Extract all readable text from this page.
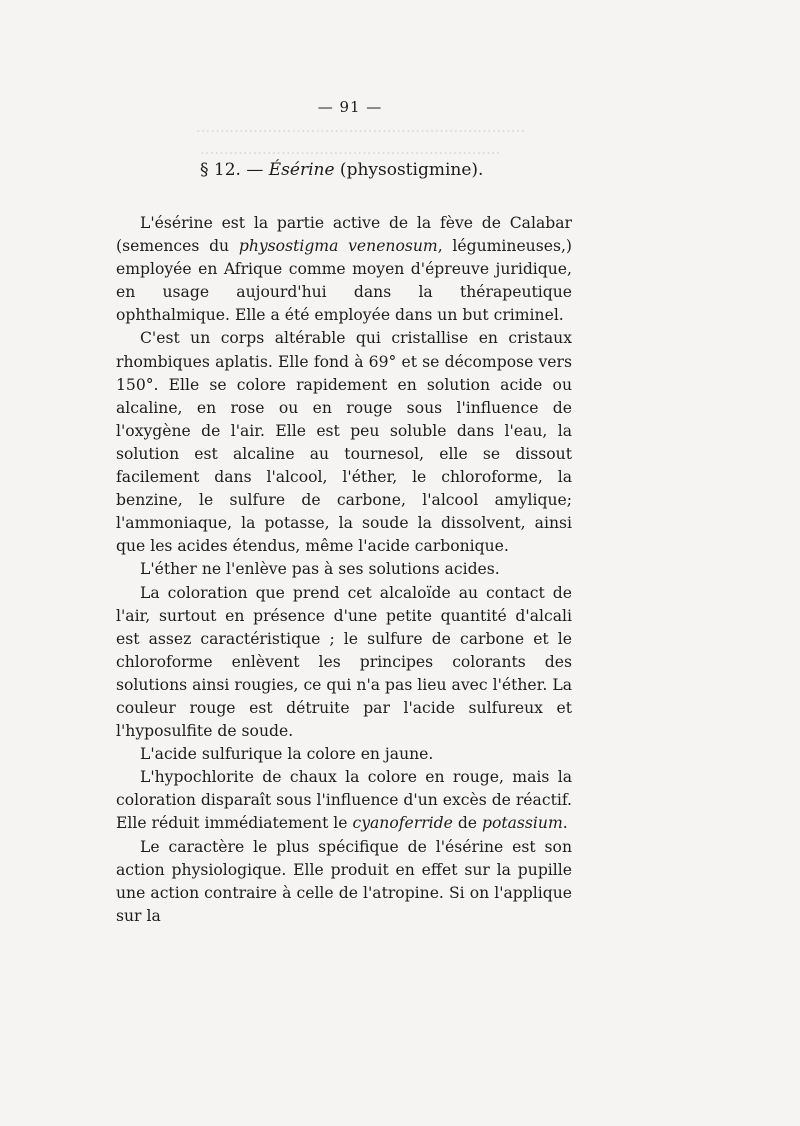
·····································································
·······························································
— 91 —
§ 12. — Ésérine (physostigmine).

L'ésérine est la partie active de la fève de Calabar (semences du physostigma venenosum, légumineuses,) employée en Afrique comme moyen d'épreuve juridique, en usage aujourd'hui dans la thérapeutique ophthalmique. Elle a été employée dans un but criminel.

C'est un corps altérable qui cristallise en cristaux rhombiques aplatis. Elle fond à 69° et se décompose vers 150°. Elle se colore rapidement en solution acide ou alcaline, en rose ou en rouge sous l'influence de l'oxygène de l'air. Elle est peu soluble dans l'eau, la solution est alcaline au tournesol, elle se dissout facilement dans l'alcool, l'éther, le chloroforme, la benzine, le sulfure de carbone, l'alcool amylique; l'ammoniaque, la potasse, la soude la dissolvent, ainsi que les acides étendus, même l'acide carbonique.

L'éther ne l'enlève pas à ses solutions acides.

La coloration que prend cet alcaloïde au contact de l'air, surtout en présence d'une petite quantité d'alcali est assez caractéristique ; le sulfure de carbone et le chloroforme enlèvent les principes colorants des solutions ainsi rougies, ce qui n'a pas lieu avec l'éther. La couleur rouge est détruite par l'acide sulfureux et l'hyposulfite de soude.

L'acide sulfurique la colore en jaune.

L'hypochlorite de chaux la colore en rouge, mais la coloration disparaît sous l'influence d'un excès de réactif. Elle réduit immédiatement le cyanoferride de potassium.

Le caractère le plus spécifique de l'ésérine est son action physiologique. Elle produit en effet sur la pupille une action contraire à celle de l'atropine. Si on l'applique sur la
